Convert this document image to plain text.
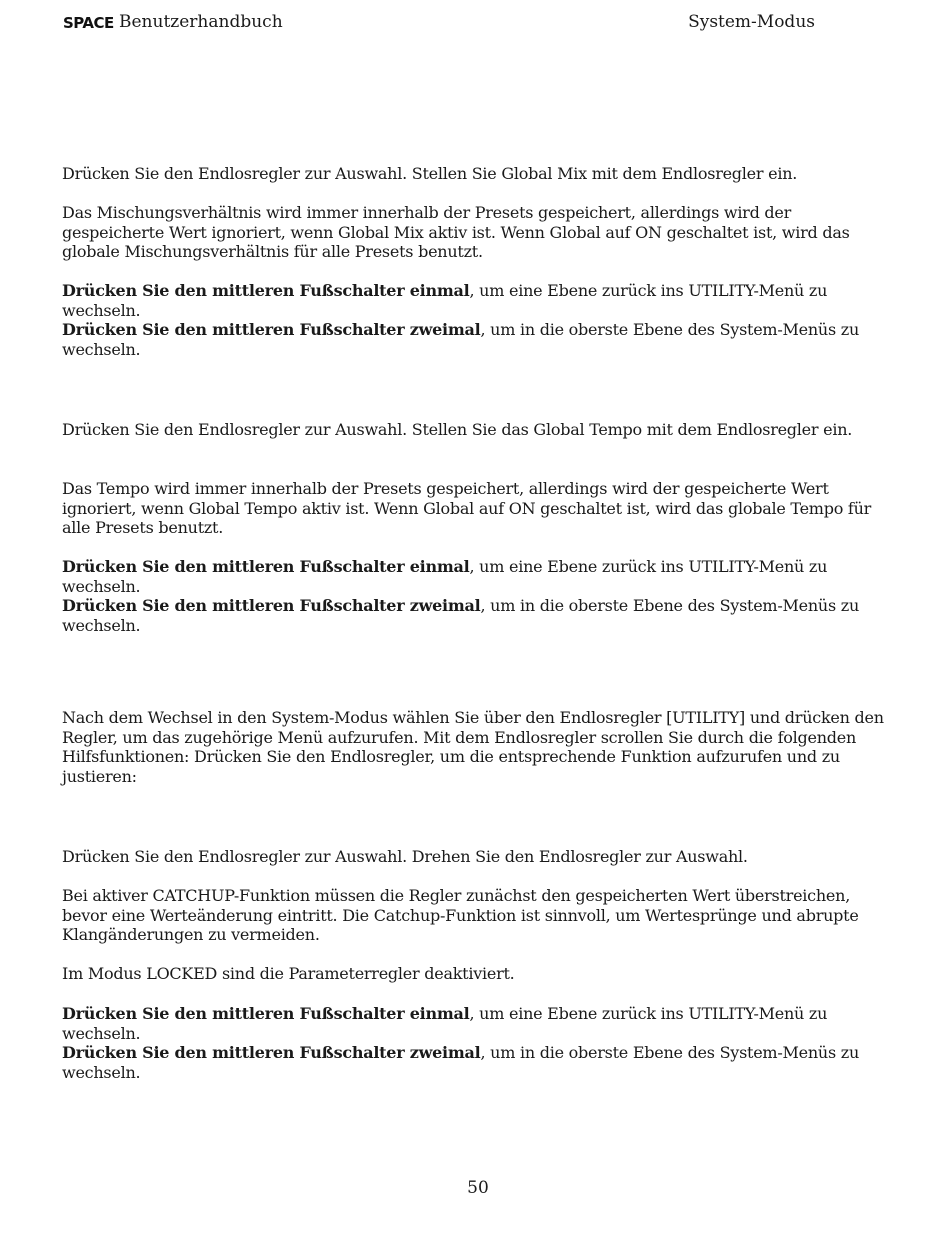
SPACE Benutzerhandbuch	System-Modus

Drücken Sie den Endlosregler zur Auswahl. Stellen Sie Global Mix mit dem Endlosregler ein.

Das Mischungsverhältnis wird immer innerhalb der Presets gespeichert, allerdings wird der gespeicherte Wert ignoriert, wenn Global Mix aktiv ist. Wenn Global auf ON geschaltet ist, wird das globale Mischungsverhältnis für alle Presets benutzt.

Drücken Sie den mittleren Fußschalter einmal, um eine Ebene zurück ins UTILITY-Menü zu wechseln.

Drücken Sie den mittleren Fußschalter zweimal, um in die oberste Ebene des System-Menüs zu wechseln.

Drücken Sie den Endlosregler zur Auswahl. Stellen Sie das Global Tempo mit dem Endlosregler ein.

Das Tempo wird immer innerhalb der Presets gespeichert, allerdings wird der gespeicherte Wert ignoriert, wenn Global Tempo aktiv ist. Wenn Global auf ON geschaltet ist, wird das globale Tempo für alle Presets benutzt.

Drücken Sie den mittleren Fußschalter einmal, um eine Ebene zurück ins UTILITY-Menü zu wechseln.

Drücken Sie den mittleren Fußschalter zweimal, um in die oberste Ebene des System-Menüs zu wechseln.

Nach dem Wechsel in den System-Modus wählen Sie über den Endlosregler [UTILITY] und drücken den Regler, um das zugehörige Menü aufzurufen. Mit dem Endlosregler scrollen Sie durch die folgenden Hilfsfunktionen: Drücken Sie den Endlosregler, um die entsprechende Funktion aufzurufen und zu justieren:

Drücken Sie den Endlosregler zur Auswahl. Drehen Sie den Endlosregler zur Auswahl.

Bei aktiver CATCHUP-Funktion müssen die Regler zunächst den gespeicherten Wert überstreichen, bevor eine Werteänderung eintritt. Die Catchup-Funktion ist sinnvoll, um Wertesprünge und abrupte Klangänderungen zu vermeiden.

Im Modus LOCKED sind die Parameterregler deaktiviert.

Drücken Sie den mittleren Fußschalter einmal, um eine Ebene zurück ins UTILITY-Menü zu wechseln.

Drücken Sie den mittleren Fußschalter zweimal, um in die oberste Ebene des System-Menüs zu wechseln.

50
